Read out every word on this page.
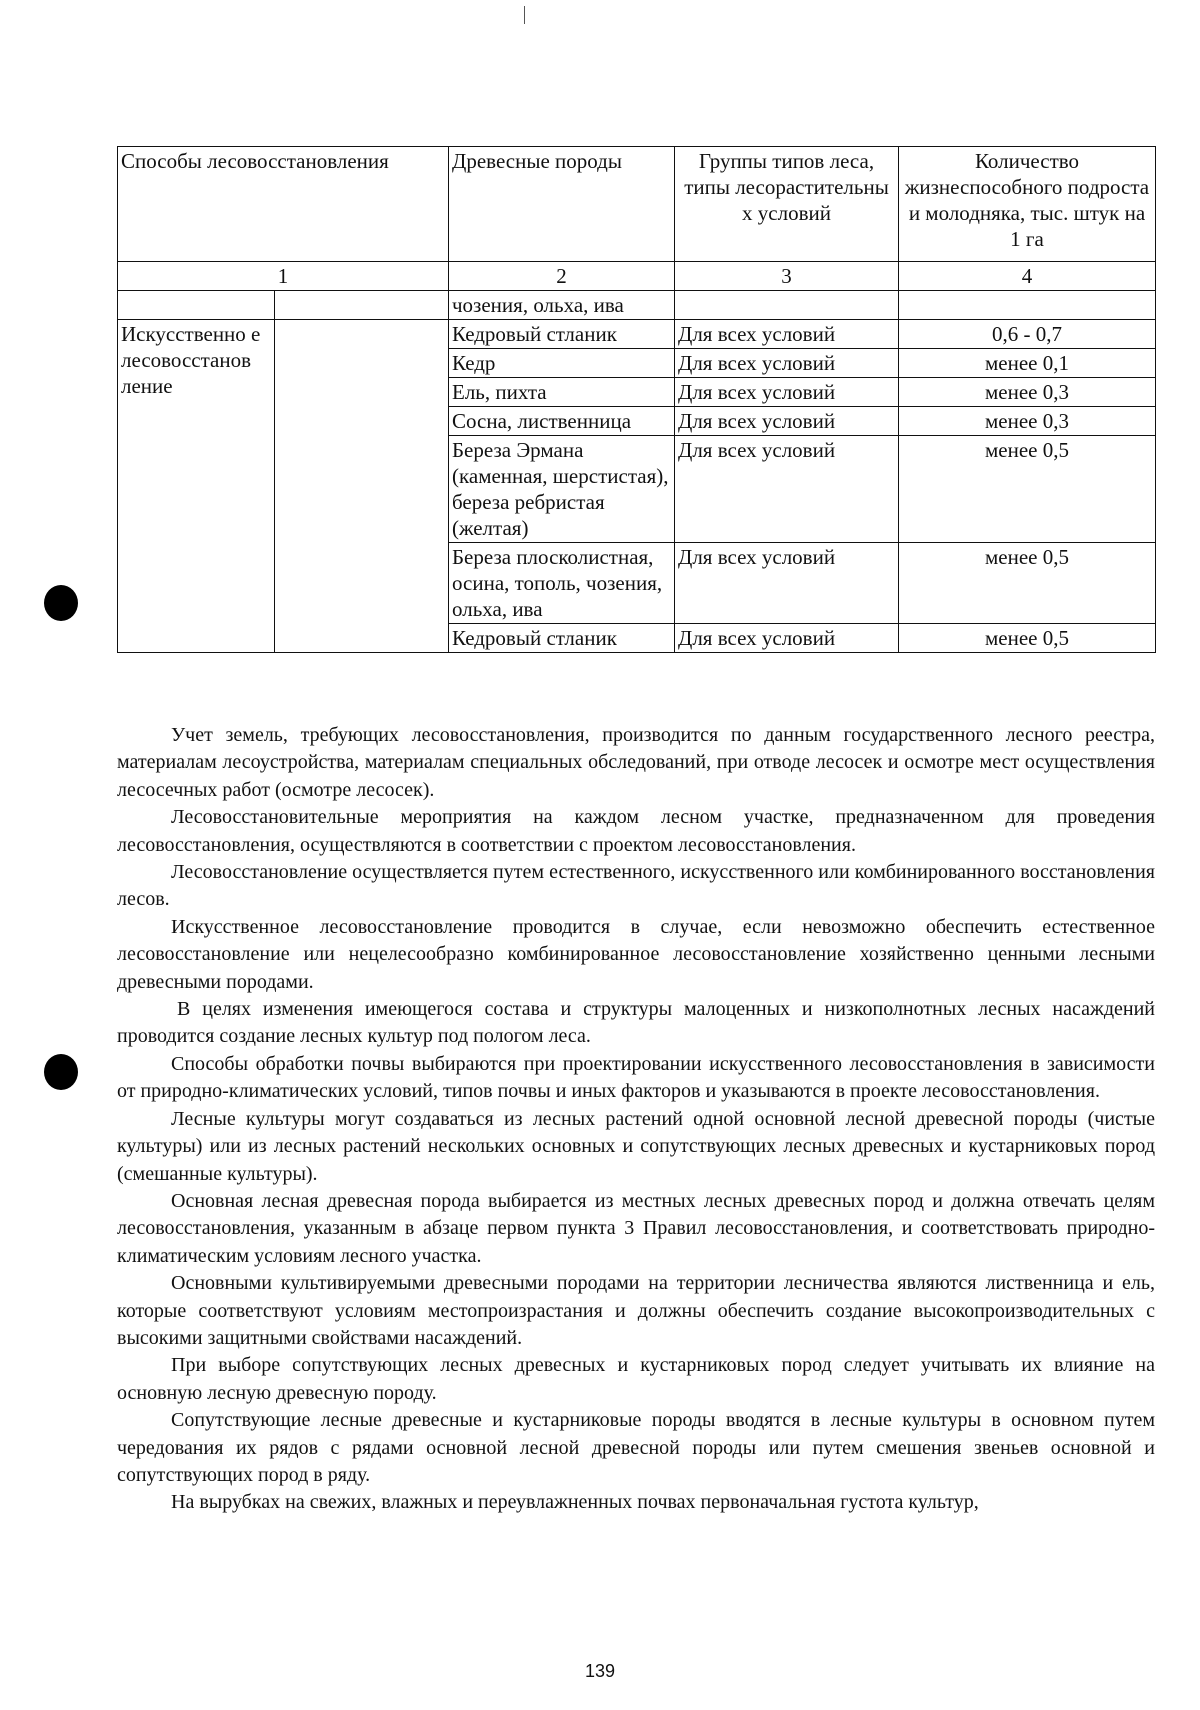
Способы лесовосстановления		Древесные породы	Группы типов леса, типы лесорастительны х условий	Количество жизнеспособного подроста и молодняка, тыс. штук на 1 га
1		2	3	4
		чозения, ольха, ива		
Искусственно е лесовосстанов ление		Кедровый стланик	Для всех условий	0,6 - 0,7
		Кедр	Для всех условий	менее 0,1
		Ель, пихта	Для всех условий	менее 0,3
		Сосна, лиственница	Для всех условий	менее 0,3
		Береза Эрмана (каменная, шерстистая), береза ребристая (желтая)	Для всех условий	менее 0,5
		Береза плосколистная, осина, тополь, чозения, ольха, ива	Для всех условий	менее 0,5
		Кедровый стланик	Для всех условий	менее 0,5

Учет земель, требующих лесовосстановления, производится по данным государственного лесного реестра, материалам лесоустройства, материалам специальных обследований, при отводе лесосек и осмотре мест осуществления лесосечных работ (осмотре лесосек).

Лесовосстановительные мероприятия на каждом лесном участке, предназначенном для проведения лесовосстановления, осуществляются в соответствии с проектом лесовосстановления.

Лесовосстановление осуществляется путем естественного, искусственного или комбинированного восстановления лесов.

Искусственное лесовосстановление проводится в случае, если невозможно обеспечить естественное лесовосстановление или нецелесообразно комбинированное лесовосстановление хозяйственно ценными лесными древесными породами.

В целях изменения имеющегося состава и структуры малоценных и низкополнотных лесных насаждений проводится создание лесных культур под пологом леса.

Способы обработки почвы выбираются при проектировании искусственного лесовосстановления в зависимости от природно-климатических условий, типов почвы и иных факторов и указываются в проекте лесовосстановления.

Лесные культуры могут создаваться из лесных растений одной основной лесной древесной породы (чистые культуры) или из лесных растений нескольких основных и сопутствующих лесных древесных и кустарниковых пород (смешанные культуры).

Основная лесная древесная порода выбирается из местных лесных древесных пород и должна отвечать целям лесовосстановления, указанным в абзаце первом пункта 3 Правил лесовосстановления, и соответствовать природно-климатическим условиям лесного участка.

Основными культивируемыми древесными породами на территории лесничества являются лиственница и ель, которые соответствуют условиям местопроизрастания и должны обеспечить создание высокопроизводительных с высокими защитными свойствами насаждений.

При выборе сопутствующих лесных древесных и кустарниковых пород следует учитывать их влияние на основную лесную древесную породу.

Сопутствующие лесные древесные и кустарниковые породы вводятся в лесные культуры в основном путем чередования их рядов с рядами основной лесной древесной породы или путем смешения звеньев основной и сопутствующих пород в ряду.

На вырубках на свежих, влажных и переувлажненных почвах первоначальная густота культур,

139
